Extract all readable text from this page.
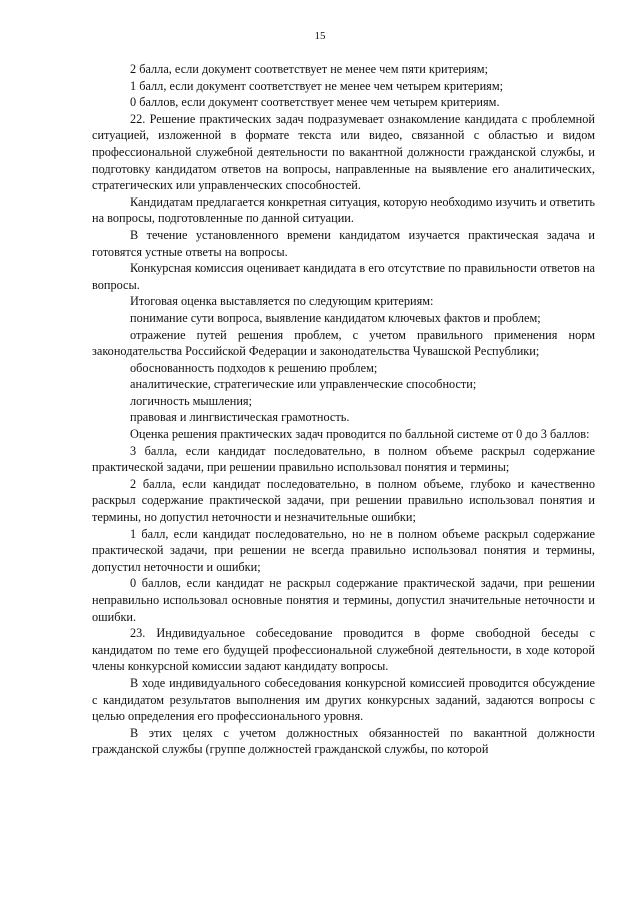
15

2 балла, если документ соответствует не менее чем пяти критериям;

1 балл, если документ соответствует не менее чем четырем критериям;

0 баллов, если документ соответствует менее чем четырем критериям.

22. Решение практических задач подразумевает ознакомление кандидата с проблемной ситуацией, изложенной в формате текста или видео, связанной с областью и видом профессиональной служебной деятельности по вакантной должности гражданской службы, и подготовку кандидатом ответов на вопросы, направленные на выявление его аналитических, стратегических или управленческих способностей.

Кандидатам предлагается конкретная ситуация, которую необходимо изучить и ответить на вопросы, подготовленные по данной ситуации.

В течение установленного времени кандидатом изучается практическая задача и готовятся устные ответы на вопросы.

Конкурсная комиссия оценивает кандидата в его отсутствие по правильности ответов на вопросы.

Итоговая оценка выставляется по следующим критериям:

понимание сути вопроса, выявление кандидатом ключевых фактов и проблем;

отражение путей решения проблем, с учетом правильного применения норм законодательства Российской Федерации и законодательства Чувашской Республики;

обоснованность подходов к решению проблем;

аналитические, стратегические или управленческие способности;

логичность мышления;

правовая и лингвистическая грамотность.

Оценка решения практических задач проводится по балльной системе от 0 до 3 баллов:

3 балла, если кандидат последовательно, в полном объеме раскрыл содержание практической задачи, при решении правильно использовал понятия и термины;

2 балла, если кандидат последовательно, в полном объеме, глубоко и качественно раскрыл содержание практической задачи, при решении правильно использовал понятия и термины, но допустил неточности и незначительные ошибки;

1 балл, если кандидат последовательно, но не в полном объеме раскрыл содержание практической задачи, при решении не всегда правильно использовал понятия и термины, допустил неточности и ошибки;

0 баллов, если кандидат не раскрыл содержание практической задачи, при решении неправильно использовал основные понятия и термины, допустил значительные неточности и ошибки.

23. Индивидуальное собеседование проводится в форме свободной беседы с кандидатом по теме его будущей профессиональной служебной деятельности, в ходе которой члены конкурсной комиссии задают кандидату вопросы.

В ходе индивидуального собеседования конкурсной комиссией проводится обсуждение с кандидатом результатов выполнения им других конкурсных заданий, задаются вопросы с целью определения его профессионального уровня.

В этих целях с учетом должностных обязанностей по вакантной должности гражданской службы (группе должностей гражданской службы, по которой
